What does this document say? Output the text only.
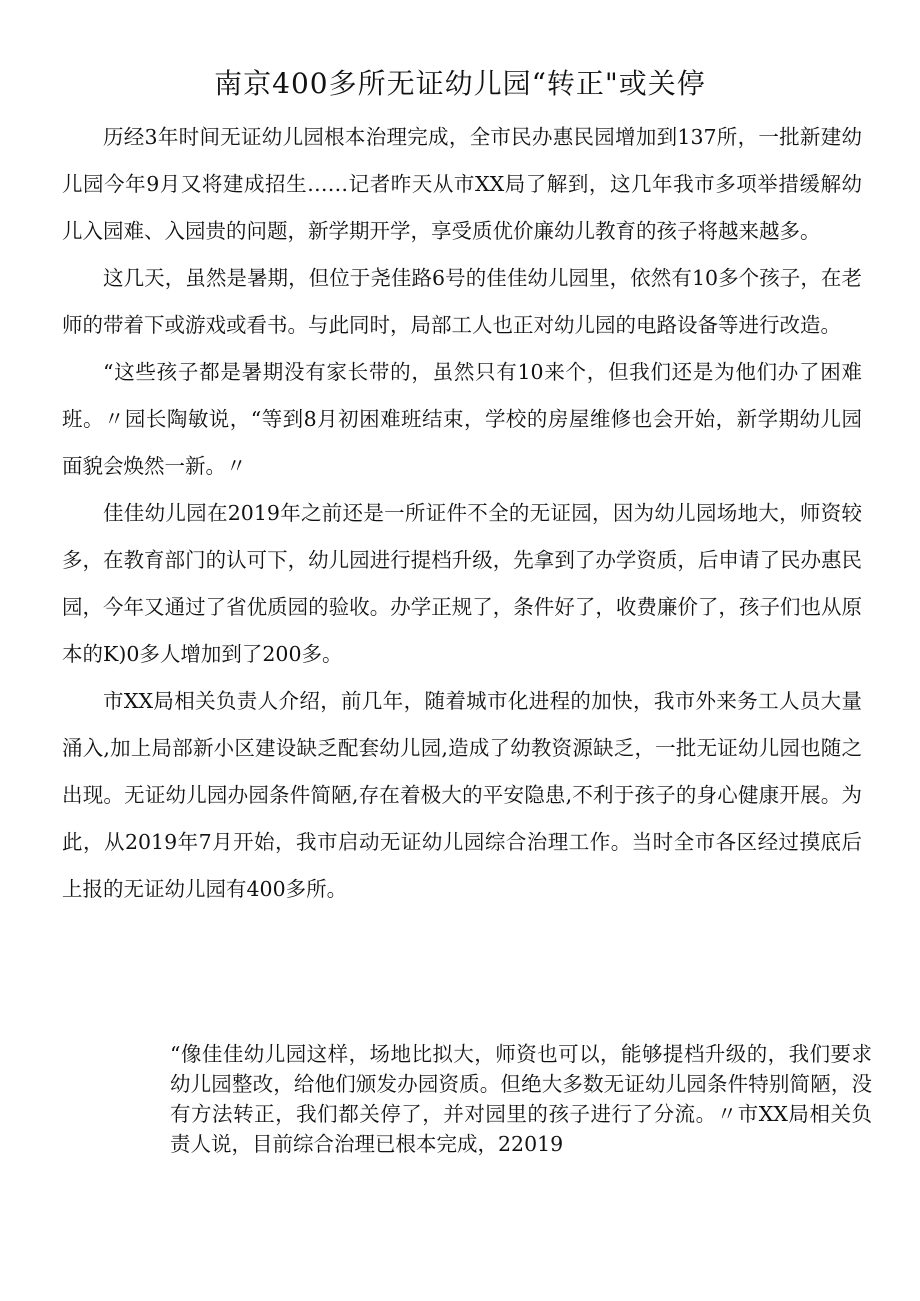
南京400多所无证幼儿园“转正"或关停

历经3年时间无证幼儿园根本治理完成，全市民办惠民园增加到137所，一批新建幼儿园今年9月又将建成招生……记者昨天从市XX局了解到，这几年我市多项举措缓解幼儿入园难、入园贵的问题，新学期开学，享受质优价廉幼儿教育的孩子将越来越多。

这几天，虽然是暑期，但位于尧佳路6号的佳佳幼儿园里，依然有10多个孩子，在老师的带着下或游戏或看书。与此同时，局部工人也正对幼儿园的电路设备等进行改造。

“这些孩子都是暑期没有家长带的，虽然只有10来个，但我们还是为他们办了困难班。〃园长陶敏说，“等到8月初困难班结束，学校的房屋维修也会开始，新学期幼儿园面貌会焕然一新。〃

佳佳幼儿园在2019年之前还是一所证件不全的无证园，因为幼儿园场地大，师资较多，在教育部门的认可下，幼儿园进行提档升级，先拿到了办学资质，后申请了民办惠民园，今年又通过了省优质园的验收。办学正规了，条件好了，收费廉价了，孩子们也从原本的K)0多人增加到了200多。

市XX局相关负责人介绍，前几年，随着城市化进程的加快，我市外来务工人员大量涌入,加上局部新小区建设缺乏配套幼儿园,造成了幼教资源缺乏，一批无证幼儿园也随之出现。无证幼儿园办园条件简陋,存在着极大的平安隐患,不利于孩子的身心健康开展。为此，从2019年7月开始，我市启动无证幼儿园综合治理工作。当时全市各区经过摸底后上报的无证幼儿园有400多所。

“像佳佳幼儿园这样，场地比拟大，师资也可以，能够提档升级的，我们要求幼儿园整改，给他们颁发办园资质。但绝大多数无证幼儿园条件特别简陋，没有方法转正，我们都关停了，并对园里的孩子进行了分流。〃市XX局相关负责人说，目前综合治理已根本完成，22019
